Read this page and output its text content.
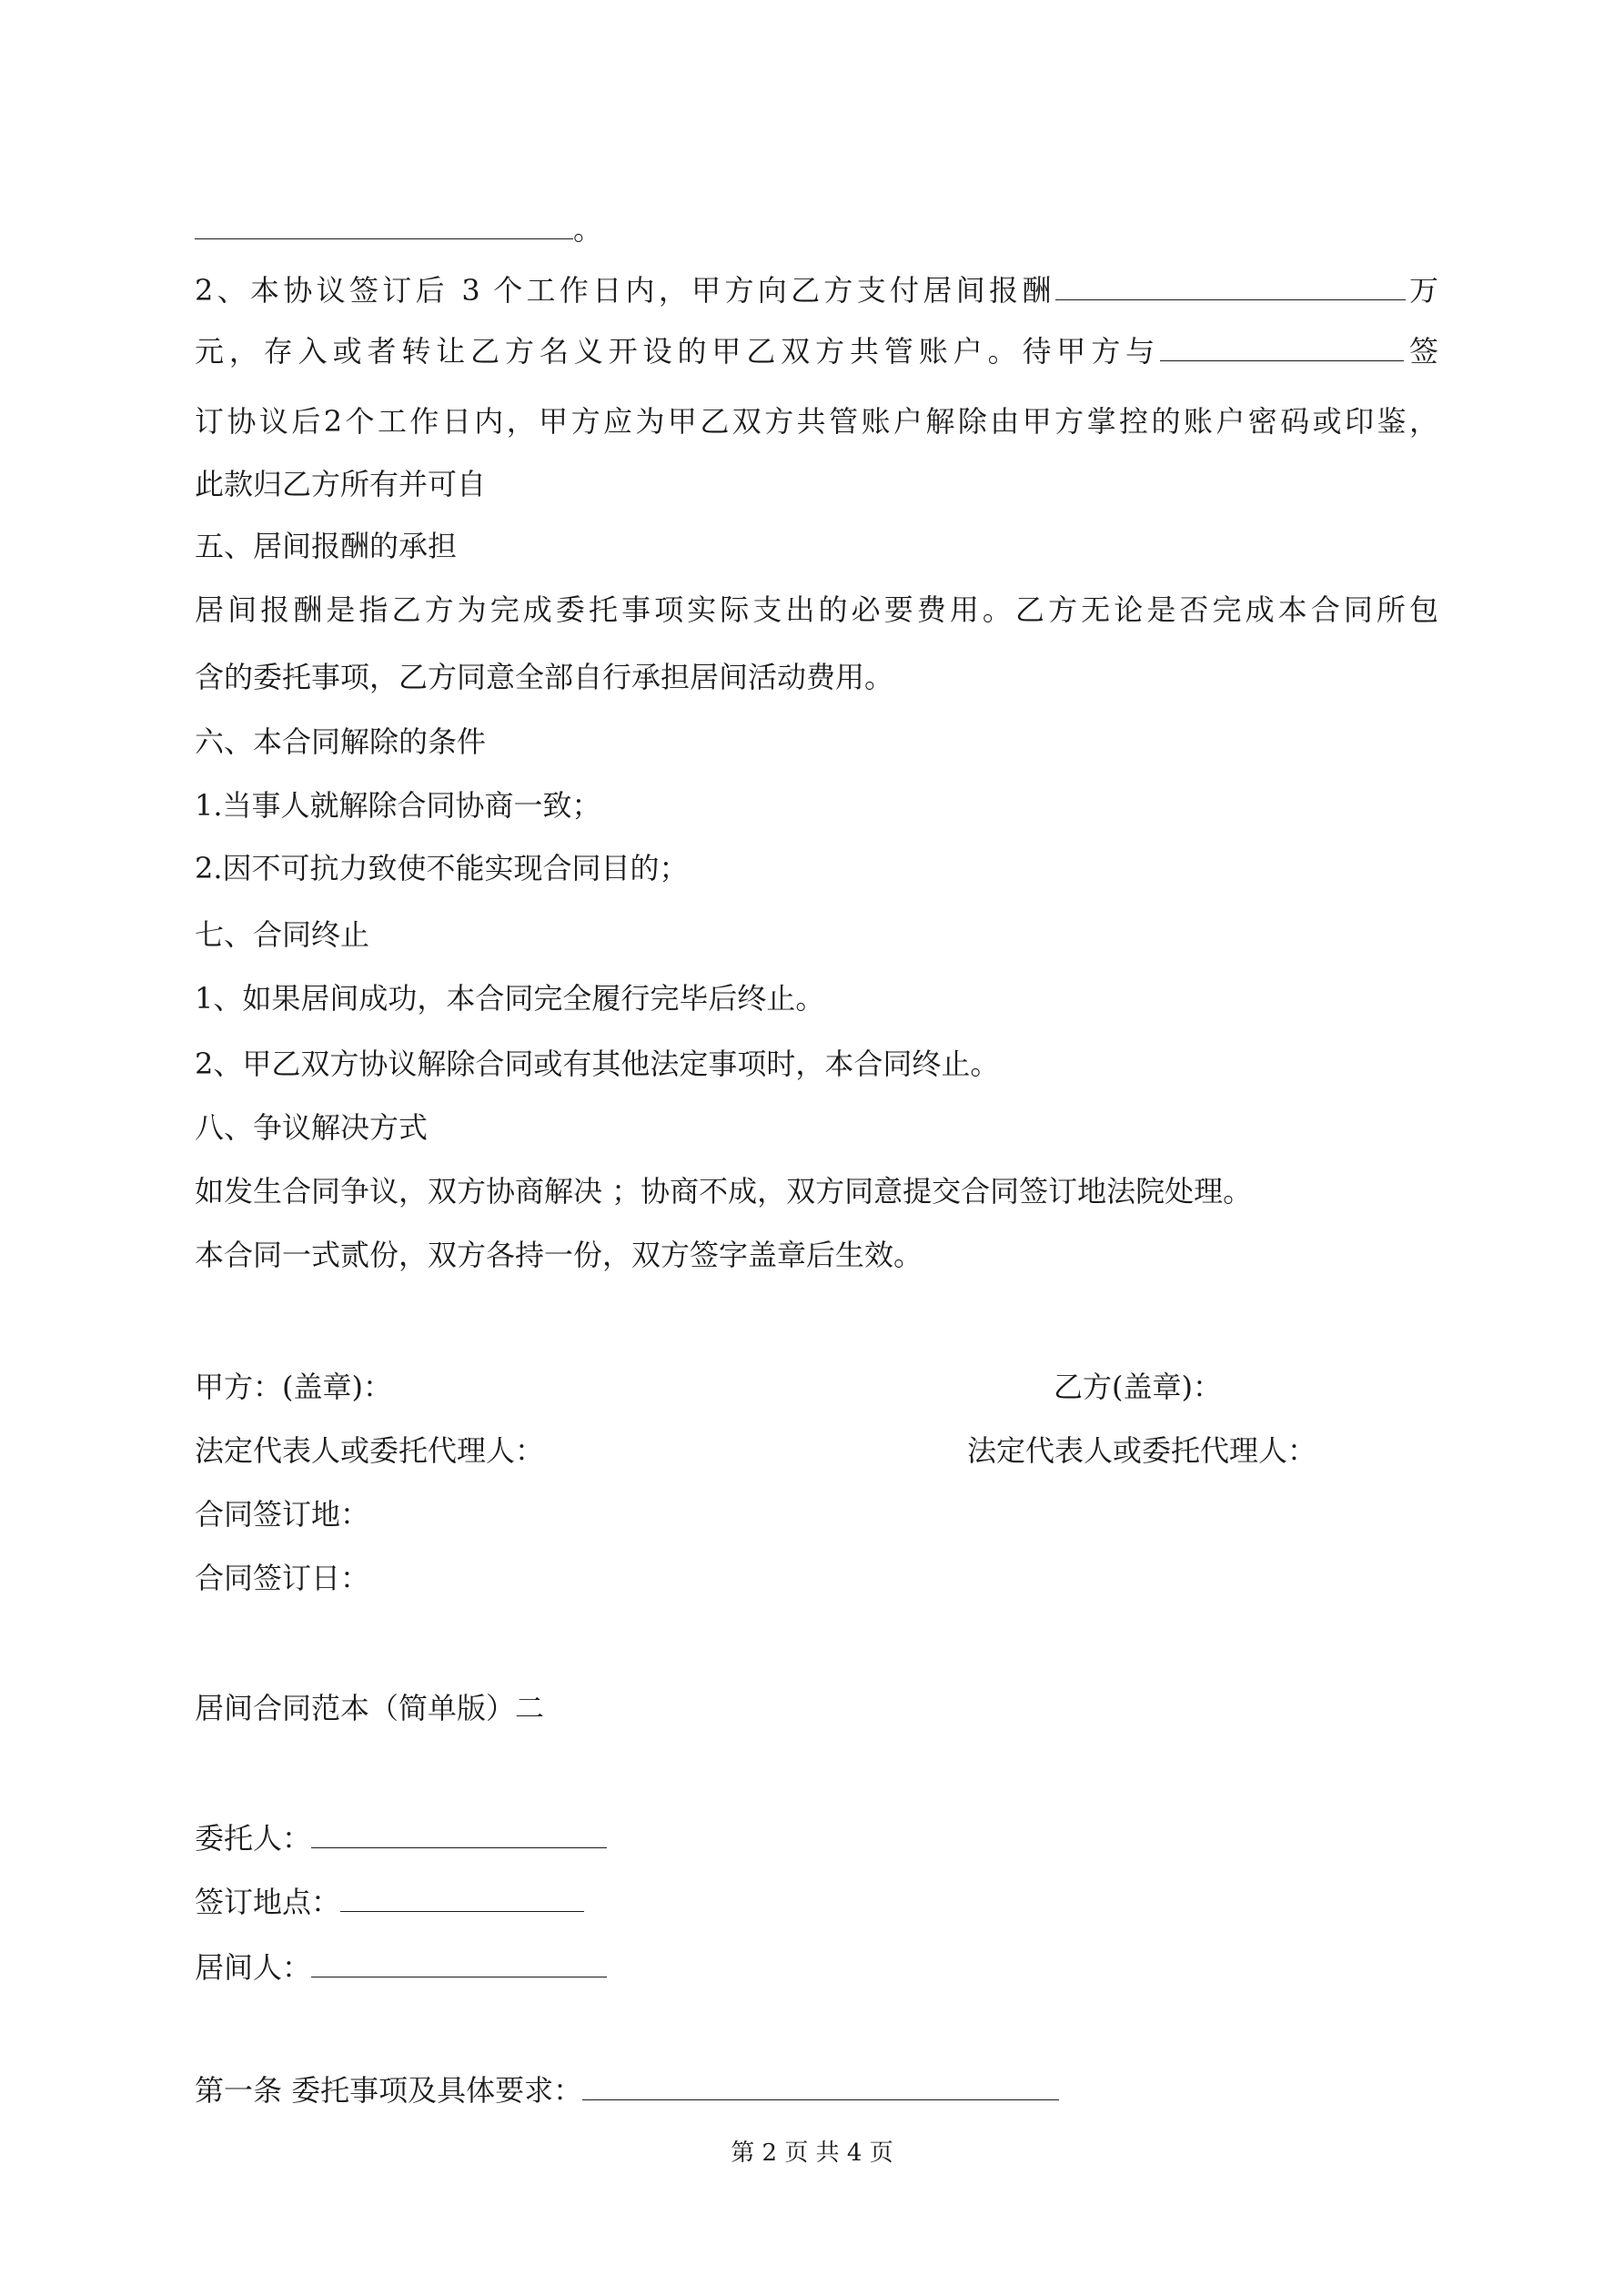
。
2、本协议签订后 3 个工作日内，甲方向乙方支付居间报酬	万
元，存入或者转让乙方名义开设的甲乙双方共管账户。待甲方与	签
订协议后2个工作日内，甲方应为甲乙双方共管账户解除由甲方掌控的账户密码或印鉴，
此款归乙方所有并可自
五、居间报酬的承担
居间报酬是指乙方为完成委托事项实际支出的必要费用。乙方无论是否完成本合同所包
含的委托事项，乙方同意全部自行承担居间活动费用。
六、本合同解除的条件
1.当事人就解除合同协商一致；
2.因不可抗力致使不能实现合同目的；
七、合同终止
1、如果居间成功，本合同完全履行完毕后终止。
2、甲乙双方协议解除合同或有其他法定事项时，本合同终止。
八、争议解决方式
如发生合同争议，双方协商解决 ；协商不成，双方同意提交合同签订地法院处理。
本合同一式贰份，双方各持一份，双方签字盖章后生效。
甲方：(盖章)：	乙方(盖章)：
法定代表人或委托代理人：	法定代表人或委托代理人：
合同签订地：
合同签订日：
居间合同范本（简单版）二
委托人：
签订地点：
居间人：
第一条 委托事项及具体要求：
第 2 页 共 4 页
